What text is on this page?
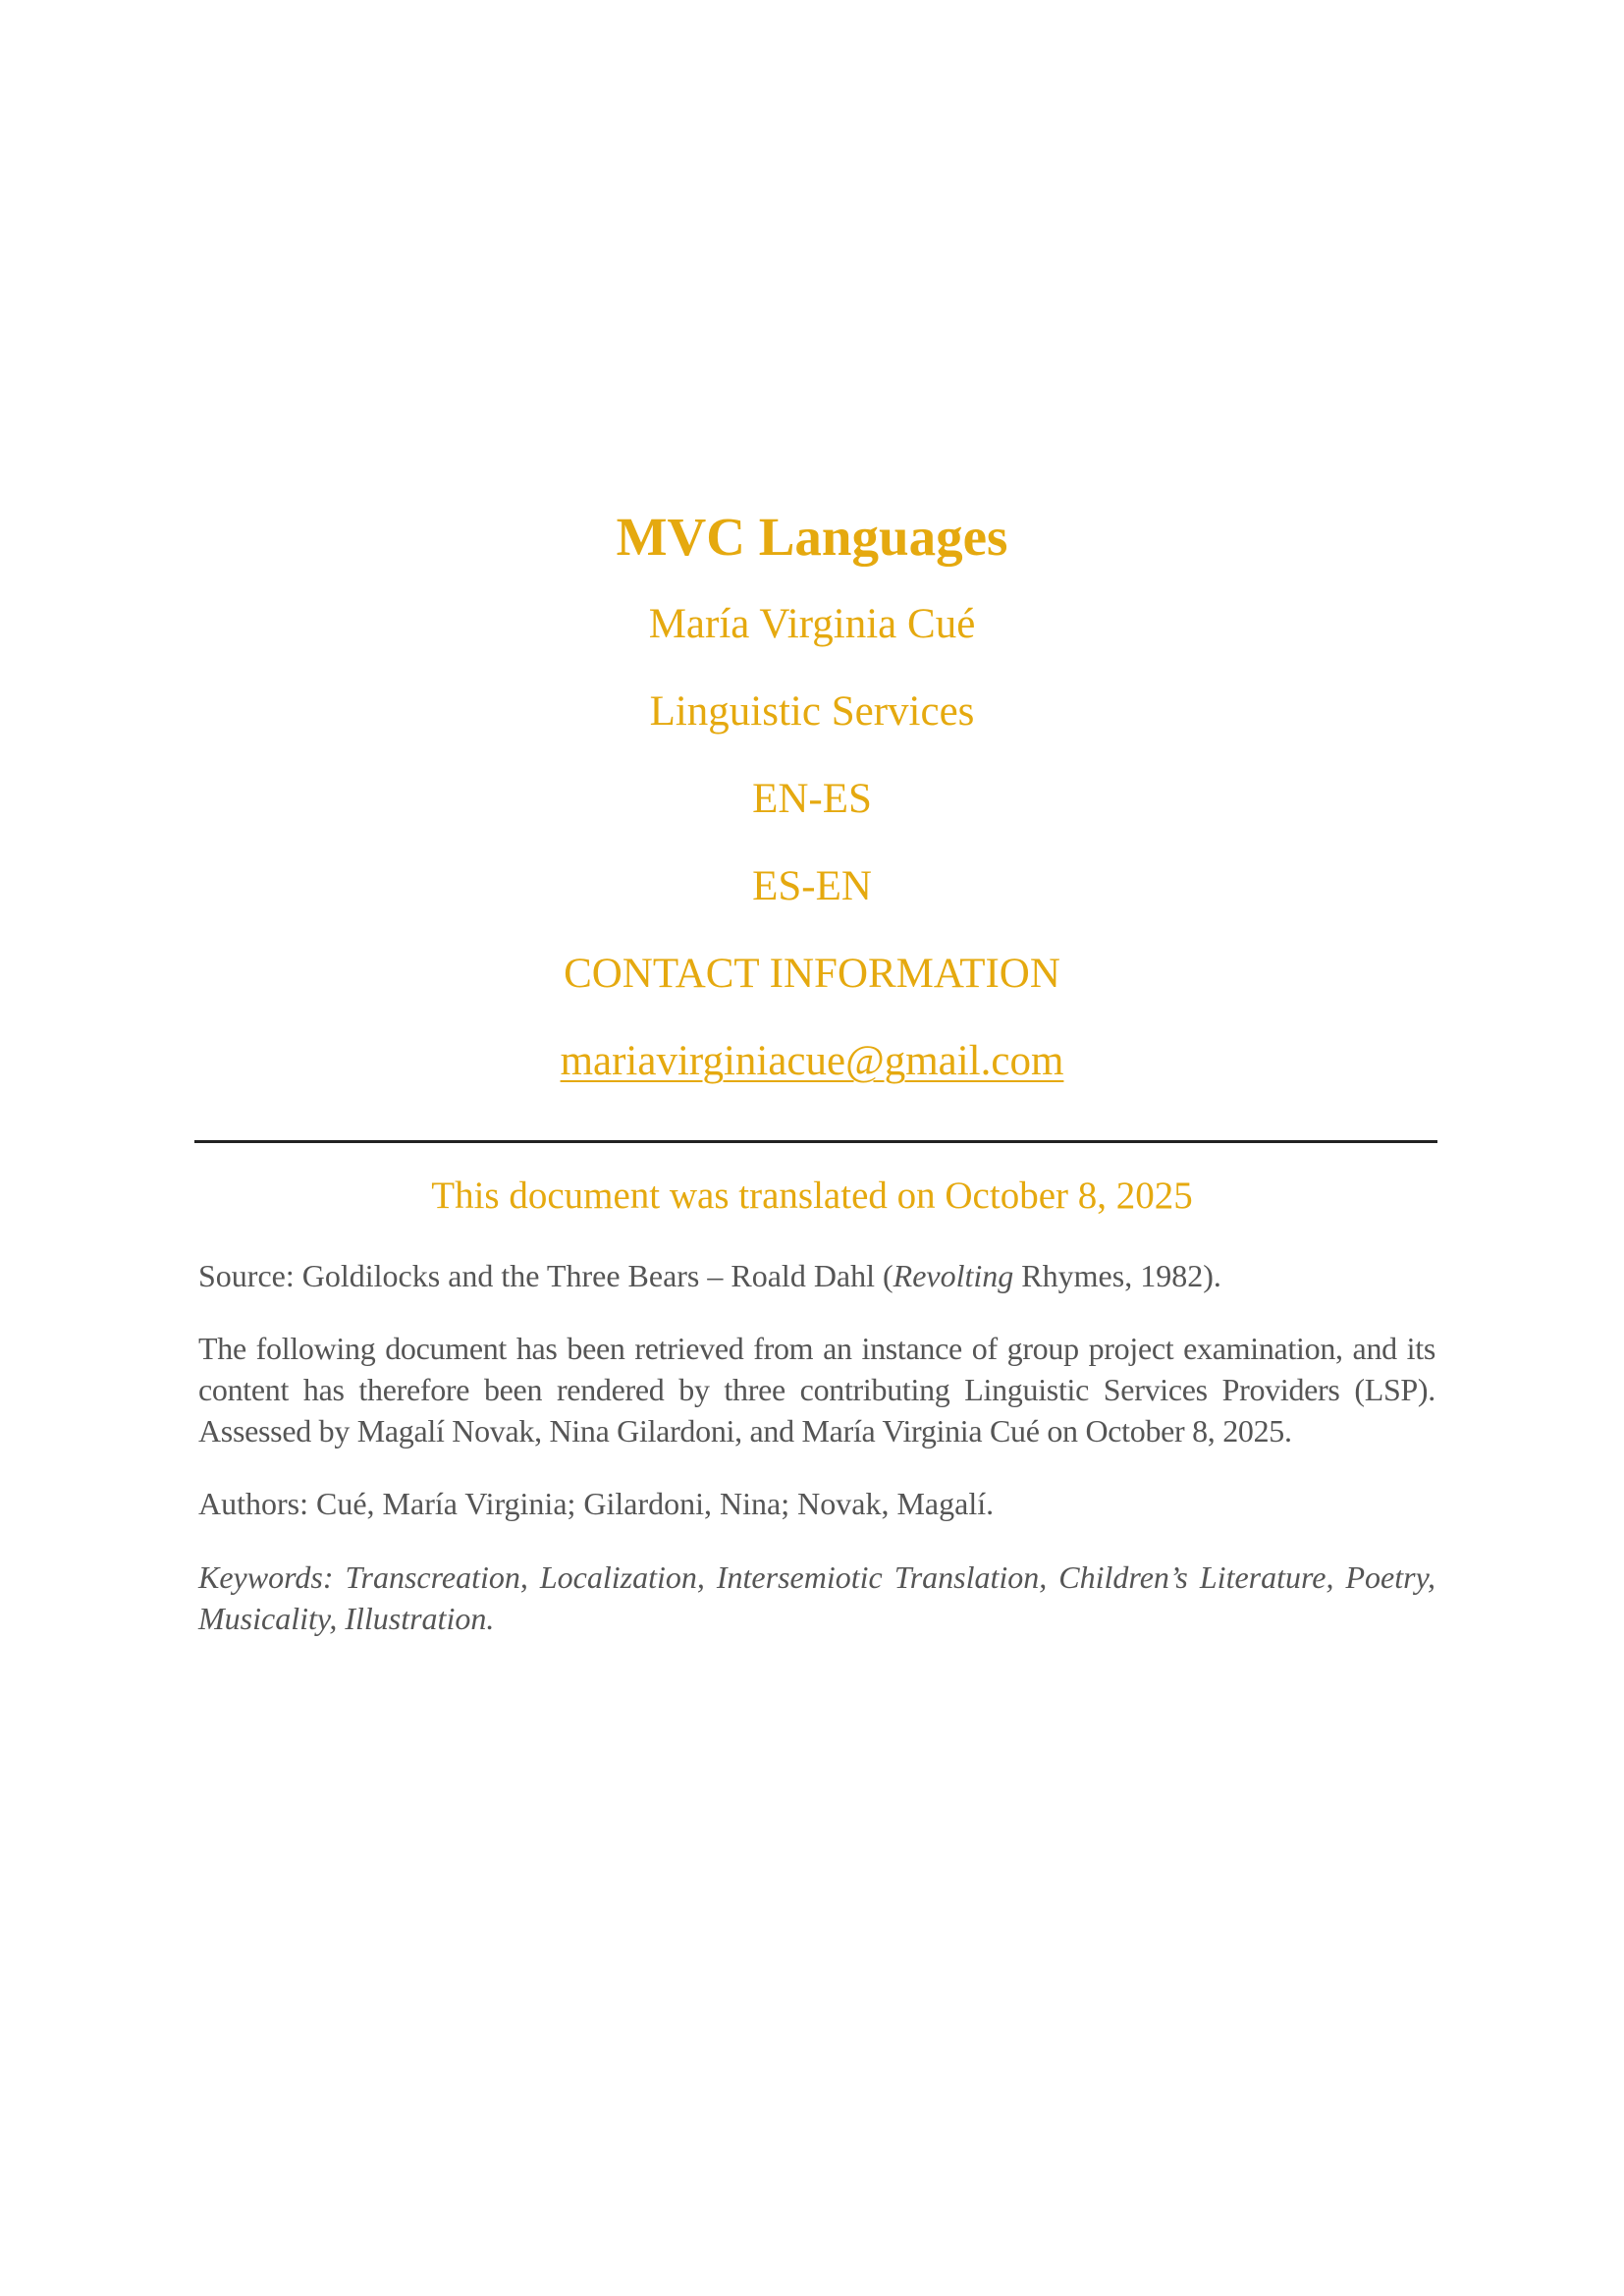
MVC Languages

María Virginia Cué

Linguistic Services

EN-ES

ES-EN

CONTACT INFORMATION

mariavirginiacue@gmail.com

This document was translated on October 8, 2025
Source: Goldilocks and the Three Bears – Roald Dahl (Revolting Rhymes, 1982).
The following document has been retrieved from an instance of group project examination, and its content has therefore been rendered by three contributing Linguistic Services Providers (LSP). Assessed by Magalí Novak, Nina Gilardoni, and María Virginia Cué on October 8, 2025.
Authors: Cué, María Virginia; Gilardoni, Nina; Novak, Magalí.
Keywords: Transcreation, Localization, Intersemiotic Translation, Children’s Literature, Poetry, Musicality, Illustration.
